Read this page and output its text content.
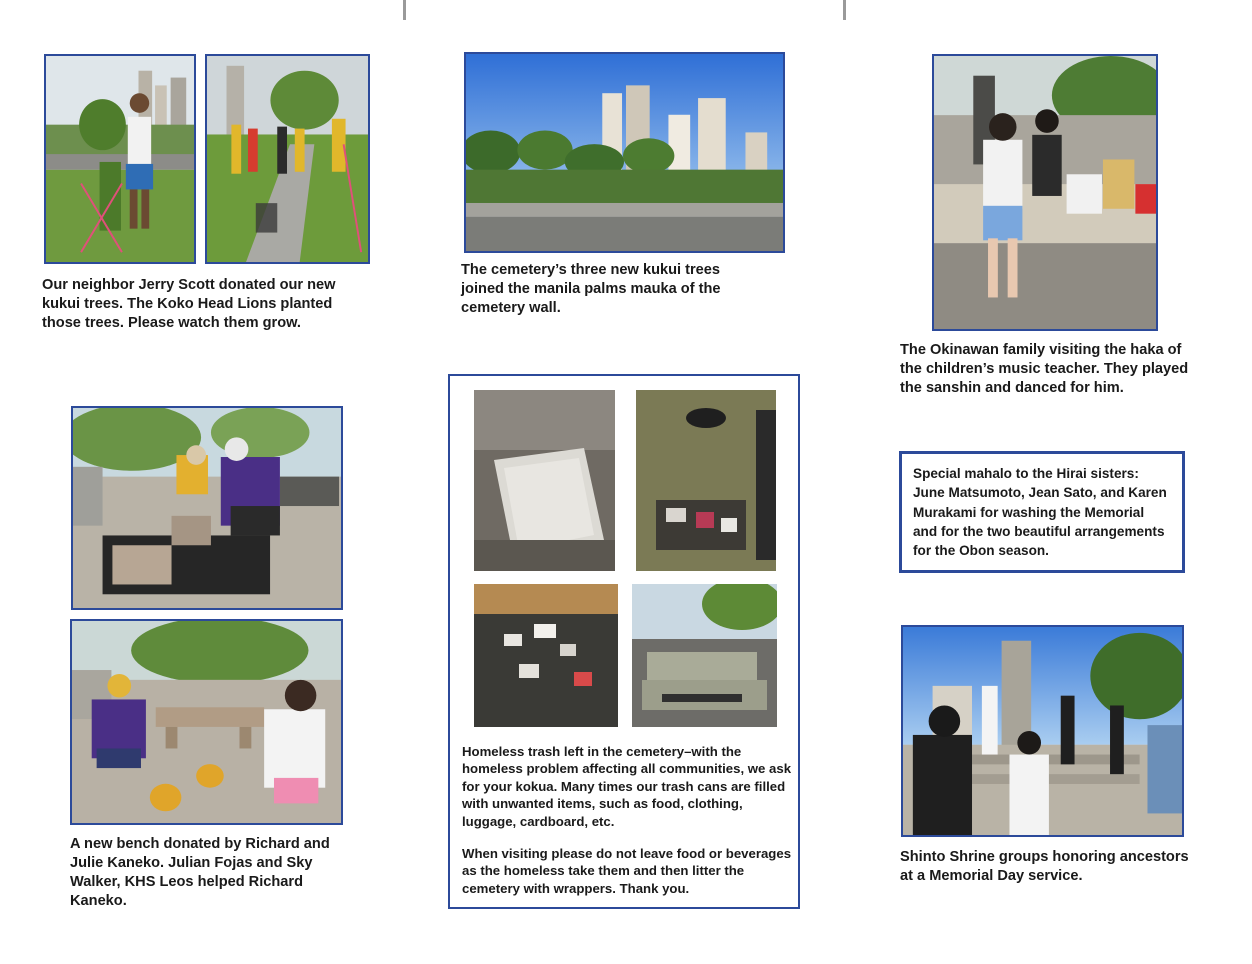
Our neighbor Jerry Scott donated our new kukui trees. The Koko Head Lions planted those trees. Please watch them grow.

A new bench donated by Richard and Julie Kaneko. Julian Fojas and Sky Walker, KHS Leos helped Richard Kaneko.

The cemetery’s three new kukui trees joined the manila palms mauka of the cemetery wall.

Homeless trash left in the cemetery–with the homeless problem affecting all communities, we ask for your kokua. Many times our trash cans are filled with unwanted items, such as food, clothing, luggage, cardboard, etc.

When visiting please do not leave food or beverages as the homeless take them and then litter the cemetery with wrappers. Thank you.

The Okinawan family visiting the haka of the children’s music teacher. They played the sanshin and danced for him.

Special mahalo to the Hirai sisters: June Matsumoto, Jean Sato, and Karen Murakami for washing the Memorial and for the two beautiful arrangements for the Obon season.

Shinto Shrine groups honoring ancestors at a Memorial Day service.
